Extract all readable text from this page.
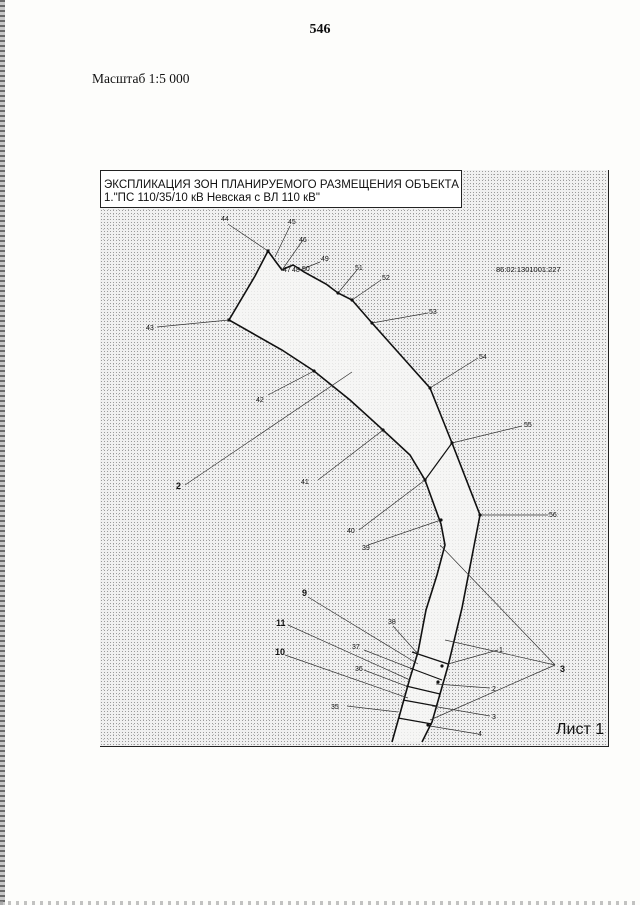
546
Масштаб 1:5 000
44	45
46
49
47 48 50	51
52
53
54
55
56
43
42
41
40
39
38
37
36
35
1
2
3
4
2
3
9
11
10
86:02:1301001:227
Лист 1
ЭКСПЛИКАЦИЯ ЗОН ПЛАНИРУЕМОГО РАЗМЕЩЕНИЯ ОБЪЕКТА
1."ПС 110/35/10 кВ Невская с ВЛ 110 кВ"
